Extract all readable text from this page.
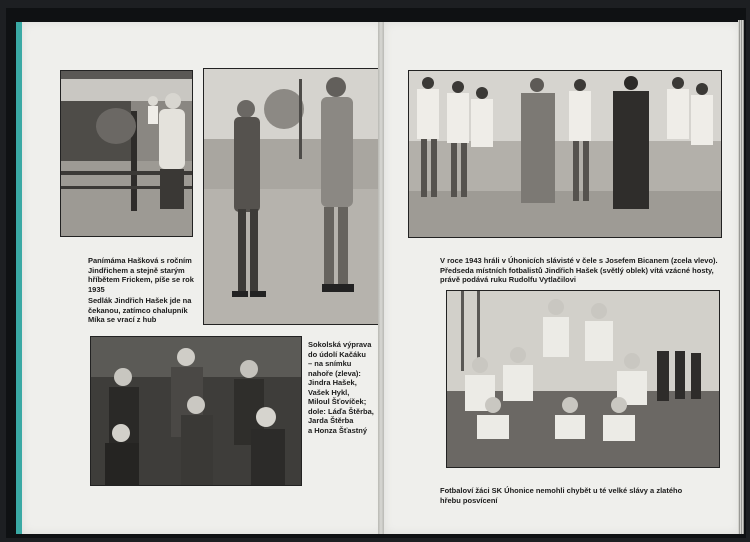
Panímáma Hašková s ročním Jindřichem a stejně starým hříbětem Frickem, píše se rok 1935

Sedlák Jindřich Hašek jde na čekanou, zatímco chalupník Míka se vrací z hub

Sokolská výprava
do údolí Kačáku
– na snímku
nahoře (zleva):
Jindra Hašek,
Vašek Hykl,
Miloul Šťovíček;
dole: Láďa Štěrba,
Jarda Štěrba
a Honza Šťastný

V roce 1943 hráli v Úhonicích slávisté v čele s Josefem Bicanem (zcela vlevo).
Předseda místních fotbalistů Jindřich Hašek (světlý oblek) vítá vzácné hosty,
právě podává ruku Rudolfu Vytlačilovi

Fotbaloví žáci SK Úhonice nemohli chybět u té velké slávy a zlatého
hřebu posvícení
